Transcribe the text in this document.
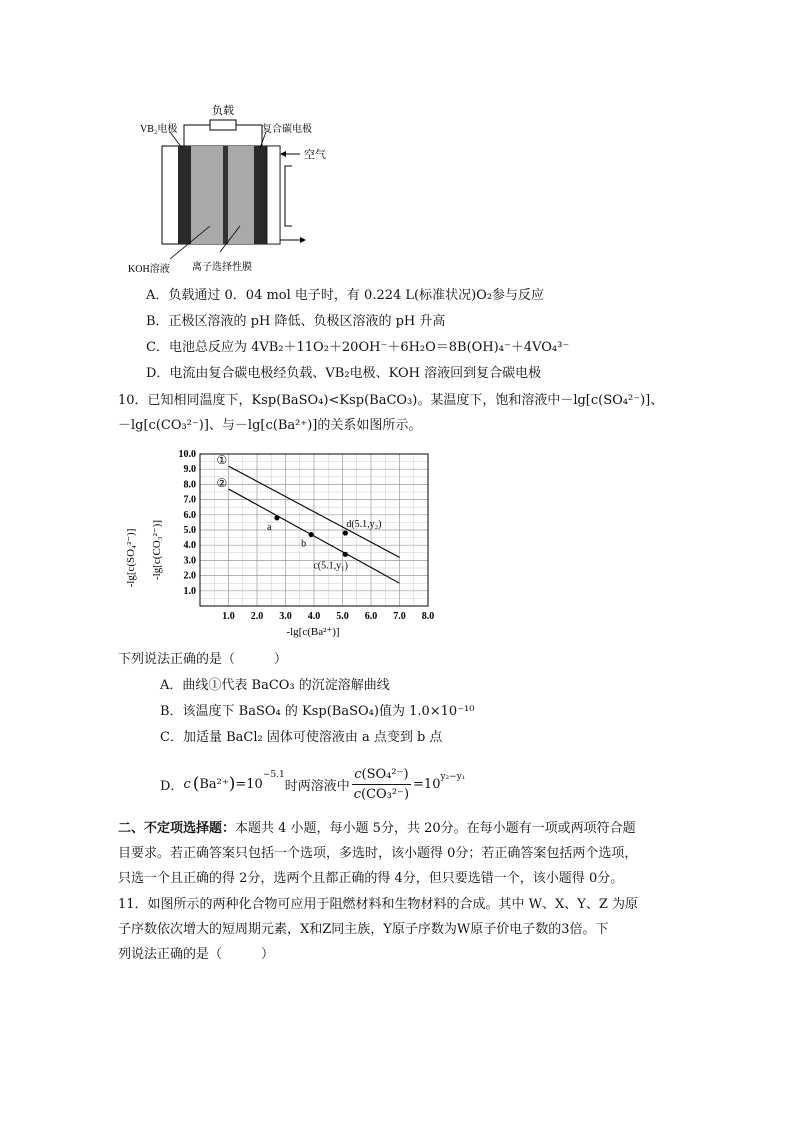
负载
VB₂电极	复合碳电极
空气
KOH溶液 离子选择性膜
A．负载通过 0．04 mol 电子时，有 0.224 L(标准状况)O₂参与反应
B．正极区溶液的 pH 降低、负极区溶液的 pH 升高
C．电池总反应为 4VB₂＋11O₂＋20OH⁻＋6H₂O＝8B(OH)₄⁻＋4VO₄³⁻
D．电流由复合碳电极经负载、VB₂电极、KOH 溶液回到复合碳电极
10．已知相同温度下，Ksp(BaSO₄)<Ksp(BaCO₃)。某温度下，饱和溶液中－lg[c(SO₄²⁻)]、
－lg[c(CO₃²⁻)]、与－lg[c(Ba²⁺)]的关系如图所示。
1.0 2.0 3.0 4.0 5.0 6.0 7.0 8.0
1.0
2.0
3.0
4.0
5.0
6.0
7.0
8.0
9.0
10.0 ①
②
a
b
d(5.1,y₂)
c(5.1,y₁)
-lg[c(SO₄²⁻)] -lg[c(CO₃²⁻)]
-lg[c(Ba²⁺)]
下列说法正确的是（　　　）
A．曲线①代表 BaCO₃ 的沉淀溶解曲线
B．该温度下 BaSO₄ 的 Ksp(BaSO₄)值为 1.0×10⁻¹⁰
C．加适量 BaCl₂ 固体可使溶液由 a 点变到 b 点
D． c ( Ba²⁺ ) =10
$^{-5.1}$
时两溶液中
c(SO₄²⁻)
c(CO₃²⁻)
$=10^{y_2-y_1}$
二、不定项选择题：本题共 4 小题，每小题 5分，共 20分。在每小题有一项或两项符合题
目要求。若正确答案只包括一个选项，多选时，该小题得 0分；若正确答案包括两个选项，
只选一个且正确的得 2分，选两个且都正确的得 4分，但只要选错一个，该小题得 0分。
11．如图所示的两种化合物可应用于阻燃材料和生物材料的合成。其中 W、X、Y、Z 为原
子序数依次增大的短周期元素，X和Z同主族，Y原子序数为W原子价电子数的3倍。下
列说法正确的是（　　　）
